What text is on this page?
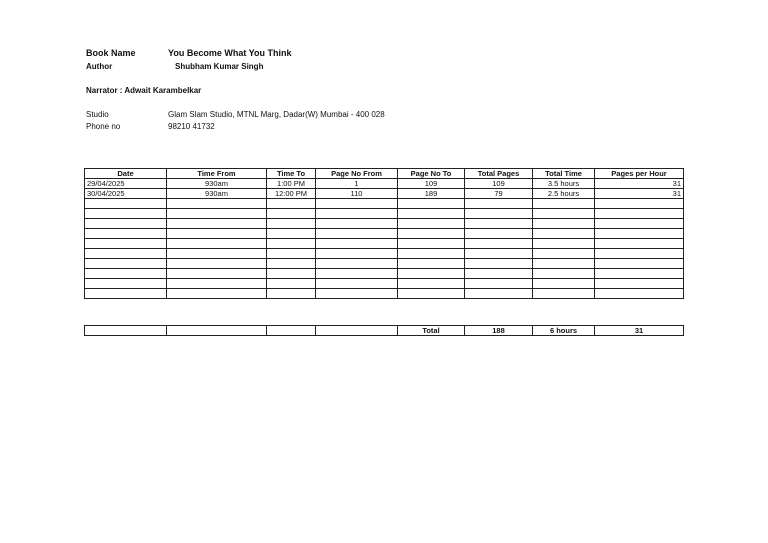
Book Name	You Become What You Think
Author	Shubham Kumar Singh
Narrator : Adwait Karambelkar
Studio	Glam Slam Studio, MTNL Marg, Dadar(W) Mumbai - 400 028
Phone no	98210 41732
Date	Time From	Time To	Page No From	Page No To	Total Pages	Total Time	Pages per Hour
29/04/2025	930am	1:00 PM	1	109	109	3.5 hours	31
30/04/2025	930am	12:00 PM	110	189	79	2.5 hours	31

				Total	188	6 hours	31
